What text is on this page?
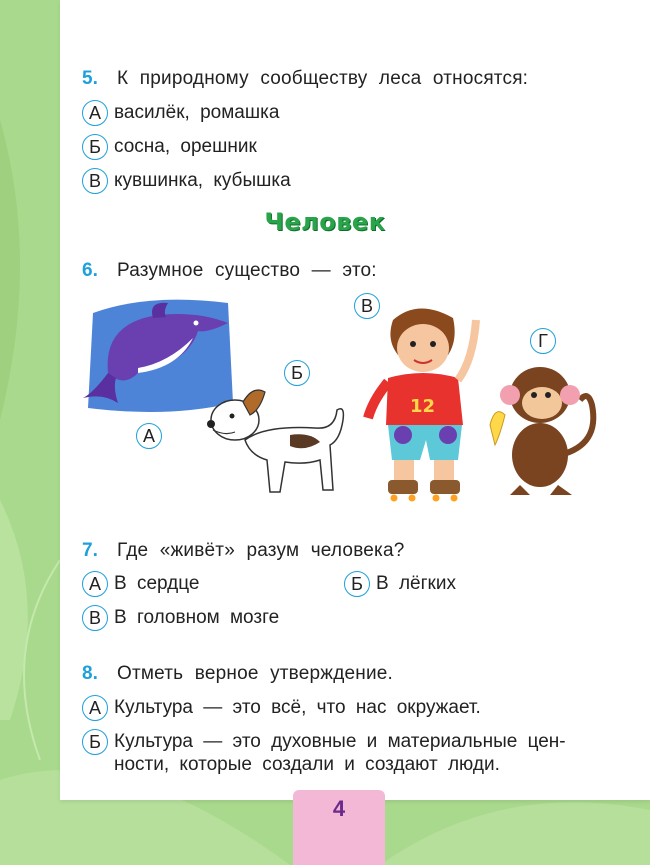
5. К природному сообществу леса относятся:
А василёк, ромашка
Б сосна, орешник
В кувшинка, кубышка
Человек
6. Разумное существо — это:
А
Б
12
В
Г
7. Где «живёт» разум человека?
А В сердце	Б В лёгких
В В головном мозге
8. Отметь верное утверждение.
А Культура — это всё, что нас окружает.
Б Культура — это духовные и материальные цен-
ности, которые создали и создают люди.
4
